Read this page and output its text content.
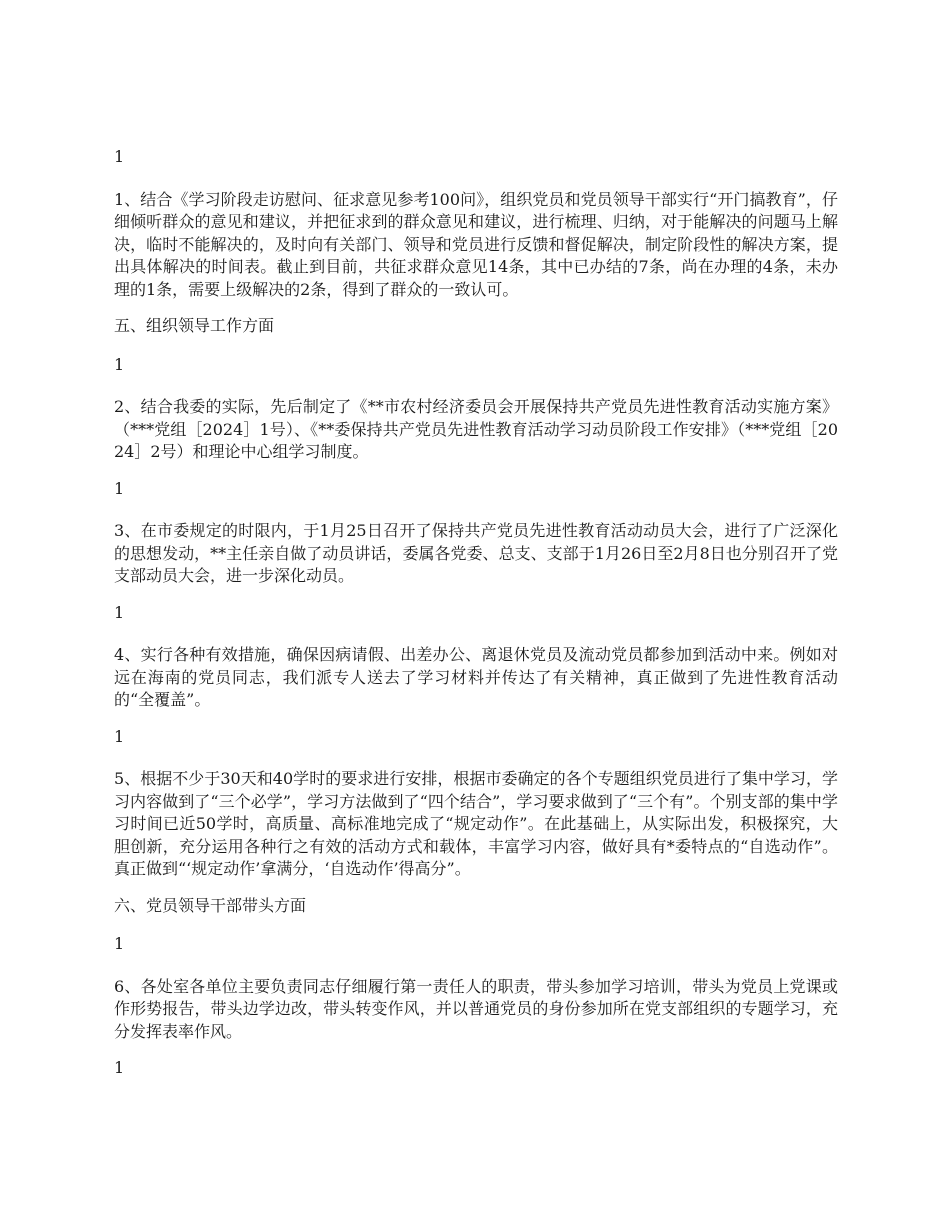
1

1、结合《学习阶段走访慰问、征求意见参考100问》，组织党员和党员领导干部实行“开门搞教育”，仔细倾听群众的意见和建议，并把征求到的群众意见和建议，进行梳理、归纳，对于能解决的问题马上解决，临时不能解决的，及时向有关部门、领导和党员进行反馈和督促解决，制定阶段性的解决方案，提出具体解决的时间表。截止到目前，共征求群众意见14条，其中已办结的7条，尚在办理的4条，未办理的1条，需要上级解决的2条，得到了群众的一致认可。

五、组织领导工作方面

1

2、结合我委的实际，先后制定了《**市农村经济委员会开展保持共产党员先进性教育活动实施方案》（***党组［2024］1号）、《**委保持共产党员先进性教育活动学习动员阶段工作安排》（***党组［2024］2号）和理论中心组学习制度。

1

3、在市委规定的时限内，于1月25日召开了保持共产党员先进性教育活动动员大会，进行了广泛深化的思想发动，**主任亲自做了动员讲话，委属各党委、总支、支部于1月26日至2月8日也分别召开了党支部动员大会，进一步深化动员。

1

4、实行各种有效措施，确保因病请假、出差办公、离退休党员及流动党员都参加到活动中来。例如对远在海南的党员同志，我们派专人送去了学习材料并传达了有关精神，真正做到了先进性教育活动的“全覆盖”。

1

5、根据不少于30天和40学时的要求进行安排，根据市委确定的各个专题组织党员进行了集中学习，学习内容做到了“三个必学”，学习方法做到了“四个结合”，学习要求做到了“三个有”。个别支部的集中学习时间已近50学时，高质量、高标准地完成了“规定动作”。在此基础上，从实际出发，积极探究，大胆创新，充分运用各种行之有效的活动方式和载体，丰富学习内容，做好具有*委特点的“自选动作”。真正做到“‘规定动作’拿满分，‘自选动作’得高分”。

六、党员领导干部带头方面

1

6、各处室各单位主要负责同志仔细履行第一责任人的职责，带头参加学习培训，带头为党员上党课或作形势报告，带头边学边改，带头转变作风，并以普通党员的身份参加所在党支部组织的专题学习，充分发挥表率作风。

1
